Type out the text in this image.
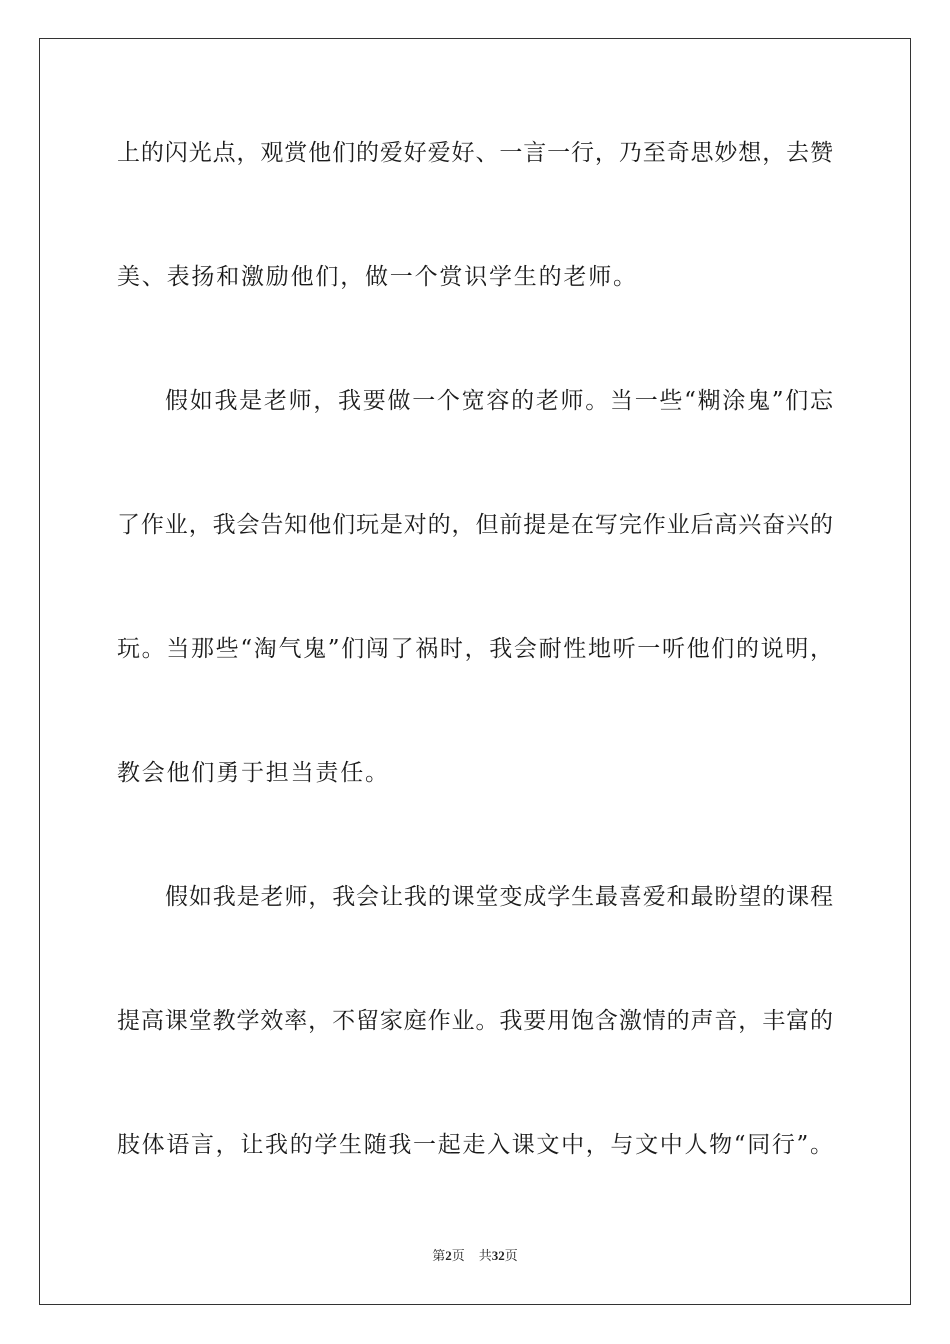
上的闪光点，观赏他们的爱好爱好、一言一行，乃至奇思妙想，去赞
美、表扬和激励他们，做一个赏识学生的老师。
假如我是老师，我要做一个宽容的老师。当一些“糊涂鬼”们忘
了作业，我会告知他们玩是对的，但前提是在写完作业后高兴奋兴的
玩。当那些“淘气鬼”们闯了祸时，我会耐性地听一听他们的说明，
教会他们勇于担当责任。
假如我是老师，我会让我的课堂变成学生最喜爱和最盼望的课程
提高课堂教学效率，不留家庭作业。我要用饱含激情的声音，丰富的
肢体语言，让我的学生随我一起走入课文中，与文中人物“同行”。
第2页 共32页
